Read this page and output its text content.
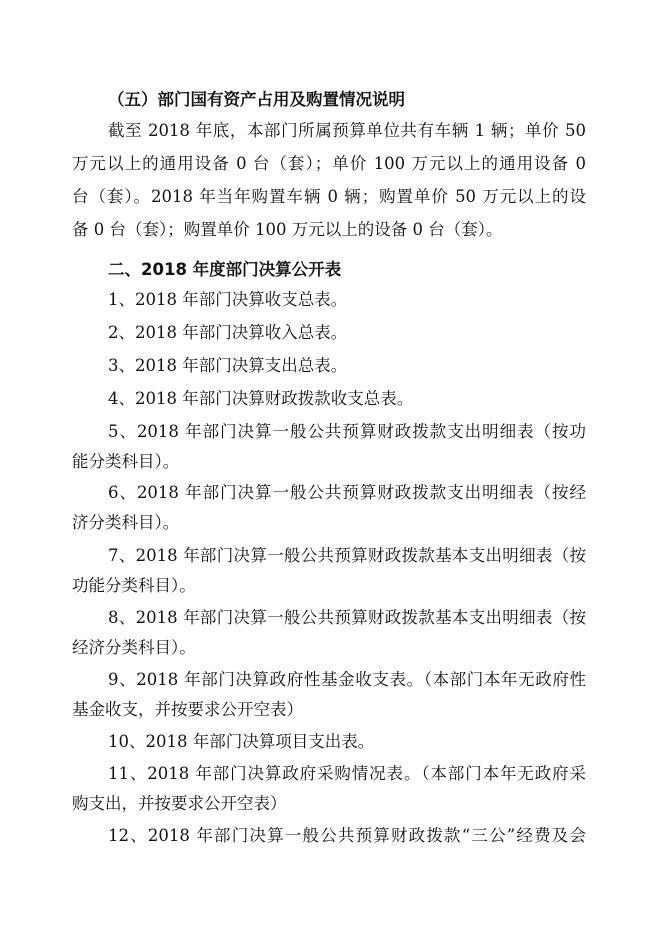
（五）部门国有资产占用及购置情况说明
截至 2018 年底，本部门所属预算单位共有车辆 1 辆；单价 50
万元以上的通用设备 0 台（套）；单价 100 万元以上的通用设备 0
台（套）。2018 年当年购置车辆 0 辆；购置单价 50 万元以上的设
备 0 台（套）；购置单价 100 万元以上的设备 0 台（套）。
二、2018 年度部门决算公开表
1、2018 年部门决算收支总表。
2、2018 年部门决算收入总表。
3、2018 年部门决算支出总表。
4、2018 年部门决算财政拨款收支总表。
5、2018 年部门决算一般公共预算财政拨款支出明细表（按功
能分类科目）。
6、2018 年部门决算一般公共预算财政拨款支出明细表（按经
济分类科目）。
7、2018 年部门决算一般公共预算财政拨款基本支出明细表（按
功能分类科目）。
8、2018 年部门决算一般公共预算财政拨款基本支出明细表（按
经济分类科目）。
9、2018 年部门决算政府性基金收支表。（本部门本年无政府性
基金收支，并按要求公开空表）
10、2018 年部门决算项目支出表。
11、2018 年部门决算政府采购情况表。（本部门本年无政府采
购支出，并按要求公开空表）
12、2018 年部门决算一般公共预算财政拨款“三公”经费及会
